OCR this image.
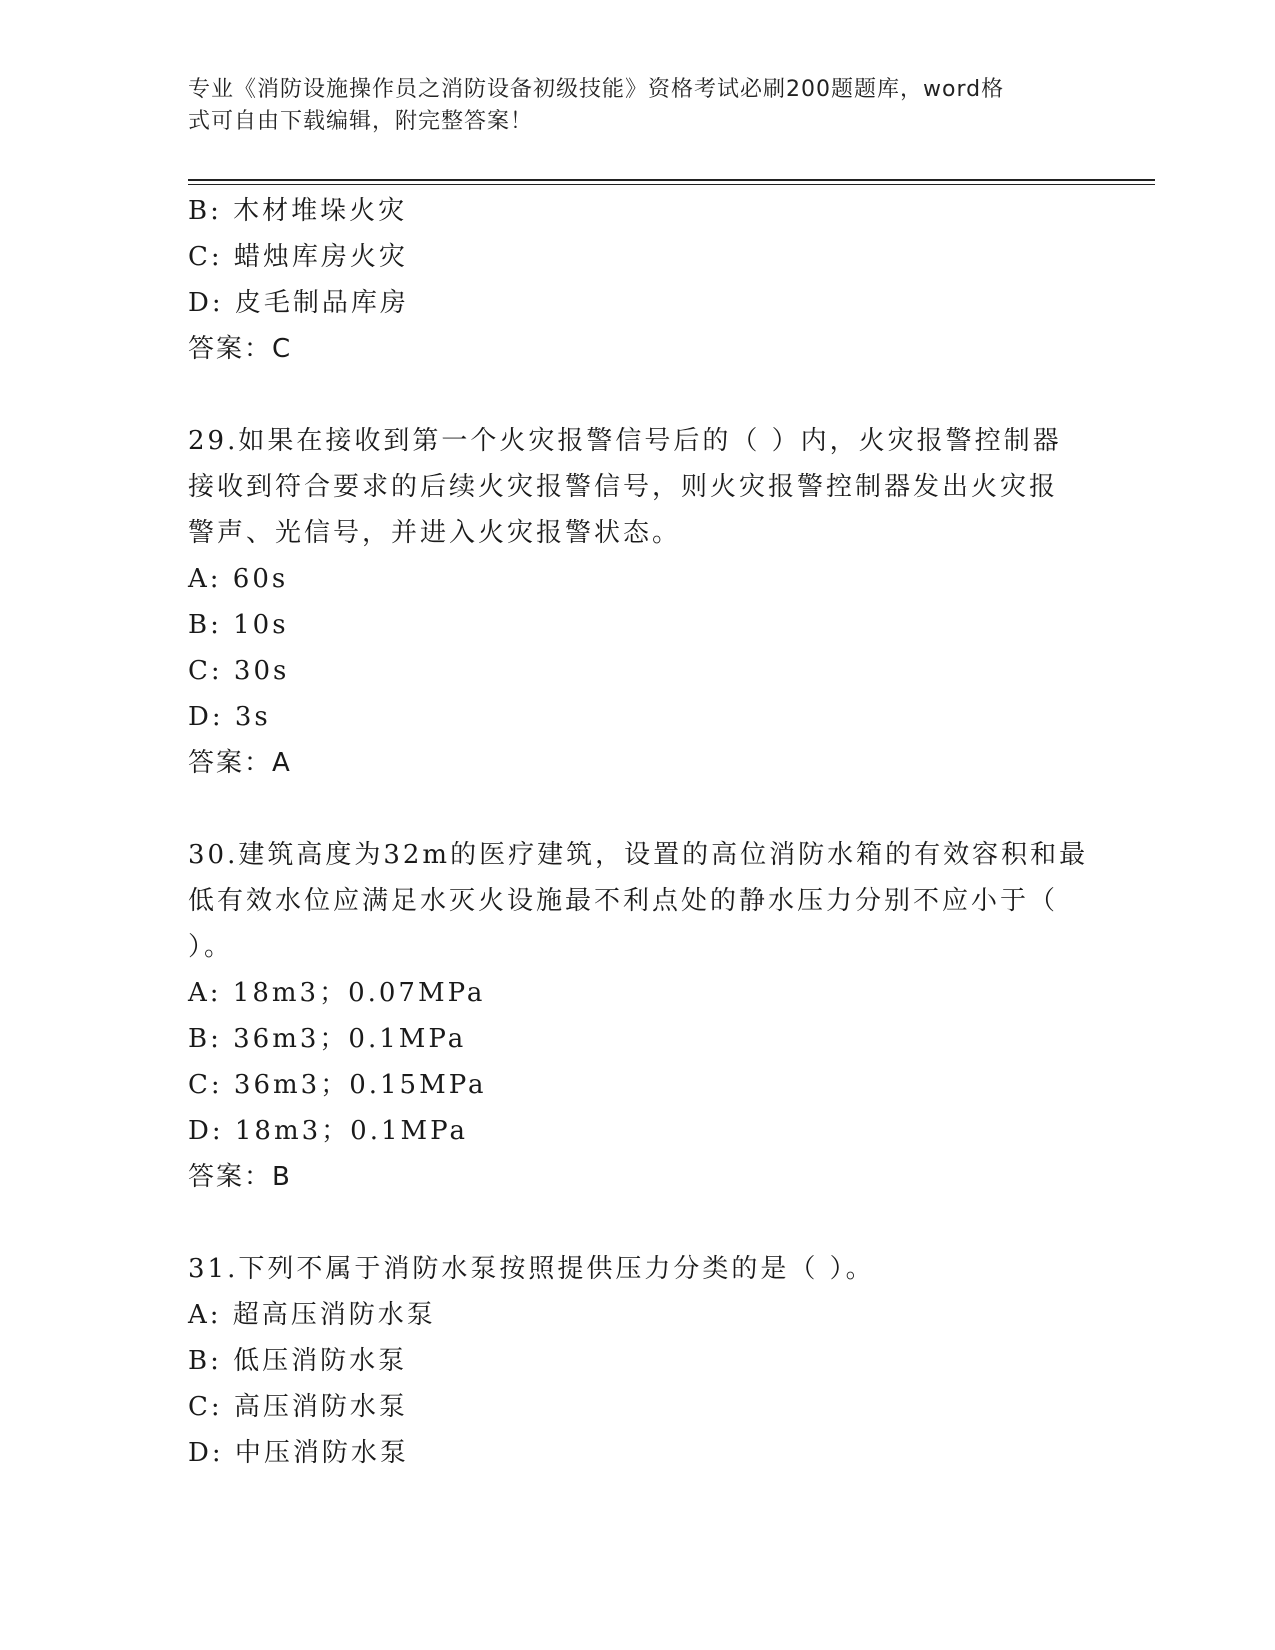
专业《消防设施操作员之消防设备初级技能》资格考试必刷200题题库，word格
式可自由下载编辑，附完整答案！
B: 木材堆垛火灾
C: 蜡烛库房火灾
D: 皮毛制品库房
答案：C
29.如果在接收到第一个火灾报警信号后的（ ）内，火灾报警控制器
接收到符合要求的后续火灾报警信号，则火灾报警控制器发出火灾报
警声、光信号，并进入火灾报警状态。
A: 60s
B: 10s
C: 30s
D: 3s
答案：A
30.建筑高度为32m的医疗建筑，设置的高位消防水箱的有效容积和最
低有效水位应满足水灭火设施最不利点处的静水压力分别不应小于（
）。
A: 18m3；0.07MPa
B: 36m3；0.1MPa
C: 36m3；0.15MPa
D: 18m3；0.1MPa
答案：B
31.下列不属于消防水泵按照提供压力分类的是（ ）。
A: 超高压消防水泵
B: 低压消防水泵
C: 高压消防水泵
D: 中压消防水泵
